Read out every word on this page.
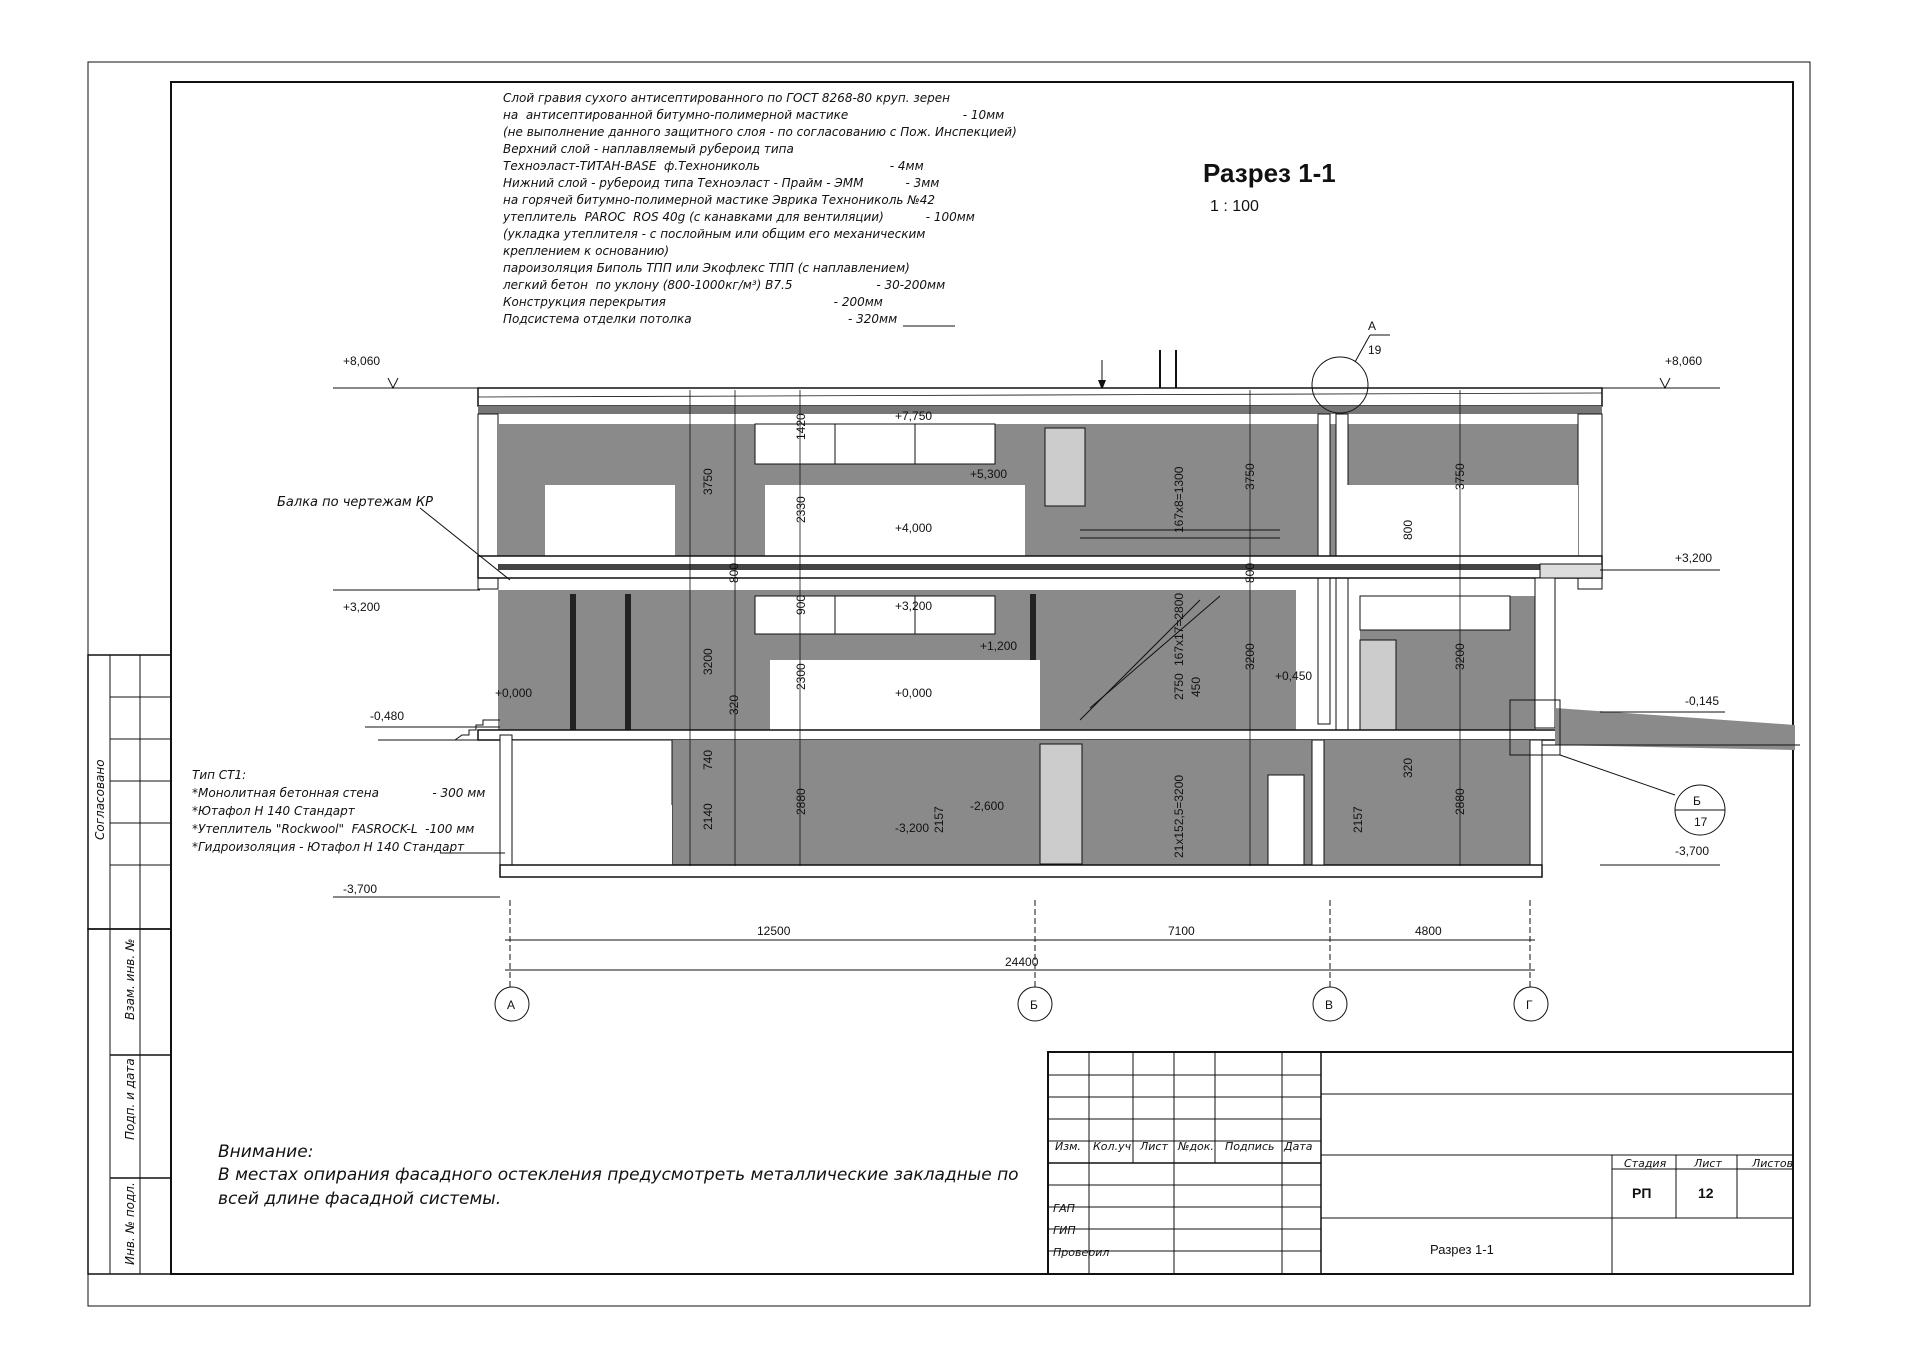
Согласовано
Взам. инв. №
Подп. и дата
Инв. № подл.
Разрез 1-1
1 : 100
Слой гравия сухого антисептированного по ГОСТ 8268-80 круп. зерен
на  антисептированной битумно-полимерной мастике                              - 10мм
(не выполнение данного защитного слоя - по согласованию с Пож. Инспекцией)
Верхний слой - наплавляемый рубероид типа
Техноэласт-ТИТАН-BASE  ф.Технониколь                                  - 4мм
Нижний слой - рубероид типа Техноэласт - Прайм - ЭММ           - 3мм
на горячей битумно-полимерной мастике Эврика Технониколь №42
утеплитель  PAROC  ROS 40g (с канавками для вентиляции)           - 100мм
(укладка утеплителя - с послойным или общим его механическим
креплением к основанию)
пароизоляция Биполь ТПП или Экофлекс ТПП (с наплавлением)
легкий бетон  по уклону (800-1000кг/м³) B7.5                      - 30-200мм
Конструкция перекрытия                                            - 200мм
Подсистема отделки потолка                                         - 320мм
Балка по чертежам КР
+8,060	+8,060
+3,200
+3,200
+7,750
+5,300
+4,000
+3,200
+1,200
+0,450
+0,000	+0,000
-0,480
-0,145
-2,600
-3,200
-3,700
-3,700
1420
3750
2330
3750	3750
800	800
800
900
3200
2300
3200	3200
320
740
2140
2880
2157	2157
320
2880
167x8=1300
167x17=2800
2750 450
21x152,5=3200
Тип СТ1:
*Монолитная бетонная стена              - 300 мм
*Ютафол Н 140 Стандарт
*Утеплитель "Rockwool"  FASROCK-L  -100 мм
*Гидроизоляция - Ютафол Н 140 Стандарт
А
19
Б
17
12500	7100	4800
24400
А	Б	В	Г
Внимание:
В местах опирания фасадного остекления предусмотреть металлические закладные по
всей длине фасадной системы.
Изм. Кол.уч Лист №док. Подпись Дата
ГАП
ГИП
Проверил
Стадия	Лист	Листов
РП	12
Разрез 1-1
